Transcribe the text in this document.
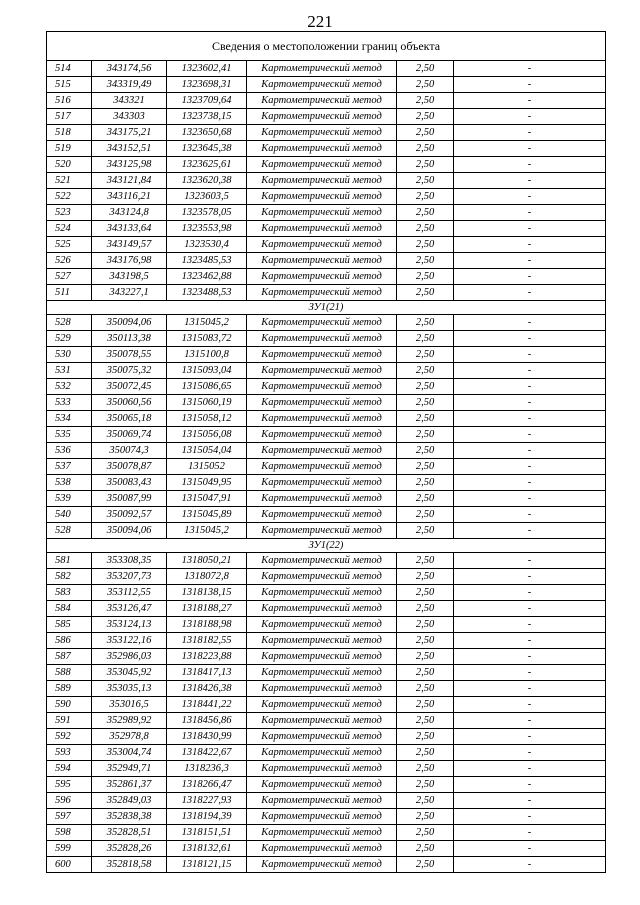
221
Сведения о местоположении границ объекта					
514	343174,56	1323602,41	Картометрический метод	2,50	-
515	343319,49	1323698,31	Картометрический метод	2,50	-
516	343321	1323709,64	Картометрический метод	2,50	-
517	343303	1323738,15	Картометрический метод	2,50	-
518	343175,21	1323650,68	Картометрический метод	2,50	-
519	343152,51	1323645,38	Картометрический метод	2,50	-
520	343125,98	1323625,61	Картометрический метод	2,50	-
521	343121,84	1323620,38	Картометрический метод	2,50	-
522	343116,21	1323603,5	Картометрический метод	2,50	-
523	343124,8	1323578,05	Картометрический метод	2,50	-
524	343133,64	1323553,98	Картометрический метод	2,50	-
525	343149,57	1323530,4	Картометрический метод	2,50	-
526	343176,98	1323485,53	Картометрический метод	2,50	-
527	343198,5	1323462,88	Картометрический метод	2,50	-
511	343227,1	1323488,53	Картометрический метод	2,50	-
ЗУ1(21)					
528	350094,06	1315045,2	Картометрический метод	2,50	-
529	350113,38	1315083,72	Картометрический метод	2,50	-
530	350078,55	1315100,8	Картометрический метод	2,50	-
531	350075,32	1315093,04	Картометрический метод	2,50	-
532	350072,45	1315086,65	Картометрический метод	2,50	-
533	350060,56	1315060,19	Картометрический метод	2,50	-
534	350065,18	1315058,12	Картометрический метод	2,50	-
535	350069,74	1315056,08	Картометрический метод	2,50	-
536	350074,3	1315054,04	Картометрический метод	2,50	-
537	350078,87	1315052	Картометрический метод	2,50	-
538	350083,43	1315049,95	Картометрический метод	2,50	-
539	350087,99	1315047,91	Картометрический метод	2,50	-
540	350092,57	1315045,89	Картометрический метод	2,50	-
528	350094,06	1315045,2	Картометрический метод	2,50	-
ЗУ1(22)					
581	353308,35	1318050,21	Картометрический метод	2,50	-
582	353207,73	1318072,8	Картометрический метод	2,50	-
583	353112,55	1318138,15	Картометрический метод	2,50	-
584	353126,47	1318188,27	Картометрический метод	2,50	-
585	353124,13	1318188,98	Картометрический метод	2,50	-
586	353122,16	1318182,55	Картометрический метод	2,50	-
587	352986,03	1318223,88	Картометрический метод	2,50	-
588	353045,92	1318417,13	Картометрический метод	2,50	-
589	353035,13	1318426,38	Картометрический метод	2,50	-
590	353016,5	1318441,22	Картометрический метод	2,50	-
591	352989,92	1318456,86	Картометрический метод	2,50	-
592	352978,8	1318430,99	Картометрический метод	2,50	-
593	353004,74	1318422,67	Картометрический метод	2,50	-
594	352949,71	1318236,3	Картометрический метод	2,50	-
595	352861,37	1318266,47	Картометрический метод	2,50	-
596	352849,03	1318227,93	Картометрический метод	2,50	-
597	352838,38	1318194,39	Картометрический метод	2,50	-
598	352828,51	1318151,51	Картометрический метод	2,50	-
599	352828,26	1318132,61	Картометрический метод	2,50	-
600	352818,58	1318121,15	Картометрический метод	2,50	-
